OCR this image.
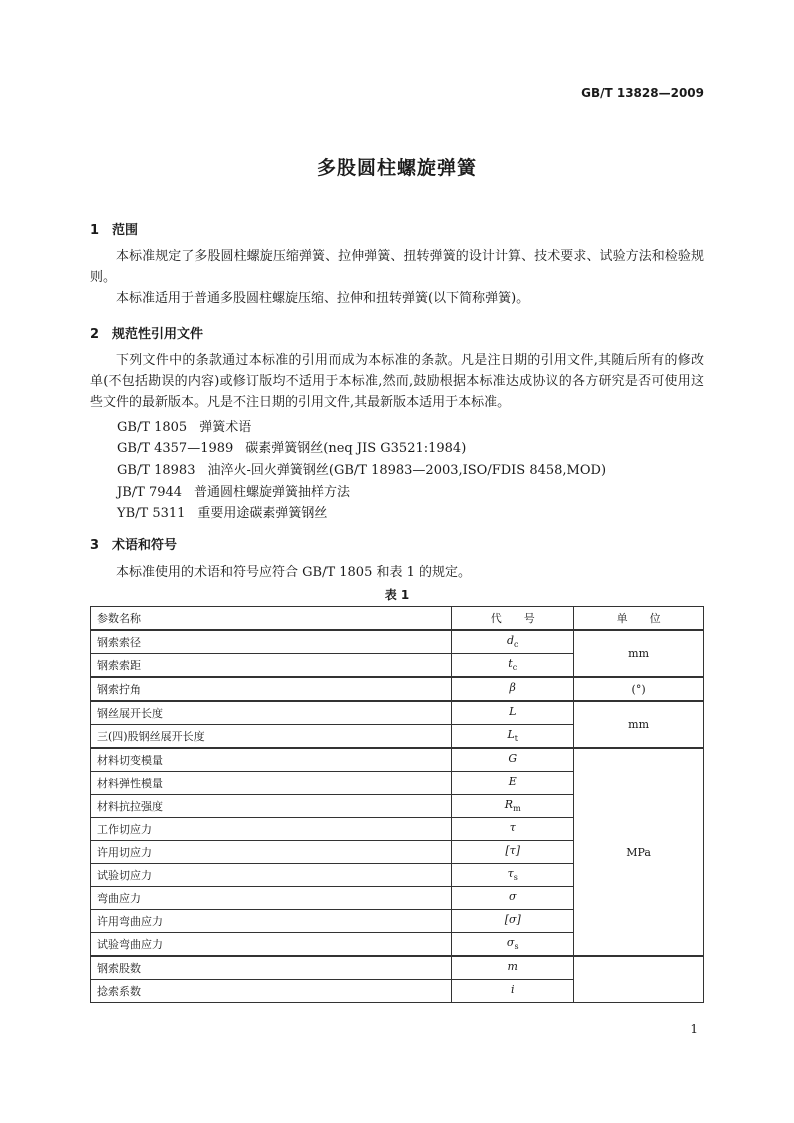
GB/T 13828—2009
多股圆柱螺旋弹簧
1 范围
本标准规定了多股圆柱螺旋压缩弹簧、拉伸弹簧、扭转弹簧的设计计算、技术要求、试验方法和检验规则。
本标准适用于普通多股圆柱螺旋压缩、拉伸和扭转弹簧(以下简称弹簧)。
2 规范性引用文件
下列文件中的条款通过本标准的引用而成为本标准的条款。凡是注日期的引用文件,其随后所有的修改单(不包括勘误的内容)或修订版均不适用于本标准,然而,鼓励根据本标准达成协议的各方研究是否可使用这些文件的最新版本。凡是不注日期的引用文件,其最新版本适用于本标准。
GB/T 1805 弹簧术语
GB/T 4357—1989 碳素弹簧钢丝(neq JIS G3521:1984)
GB/T 18983 油淬火-回火弹簧钢丝(GB/T 18983—2003,ISO/FDIS 8458,MOD)
JB/T 7944 普通圆柱螺旋弹簧抽样方法
YB/T 5311 重要用途碳素弹簧钢丝
3 术语和符号
本标准使用的术语和符号应符合 GB/T 1805 和表 1 的规定。
表 1
参数名称	代　　号	单　　位
钢索索径	$d_c$	mm
钢索索距	$t_c$
钢索拧角	β	(°)
钢丝展开长度	L	mm
三(四)股钢丝展开长度	$L_t$
材料切变模量	G	MPa
材料弹性模量	E	
材料抗拉强度	$R_m$
工作切应力	τ	
许用切应力	[τ]	
试验切应力	$\tau_s$
弯曲应力	σ	
许用弯曲应力	[σ]	
试验弯曲应力	$\sigma_s$
钢索股数	m	
捻索系数	i	
1
